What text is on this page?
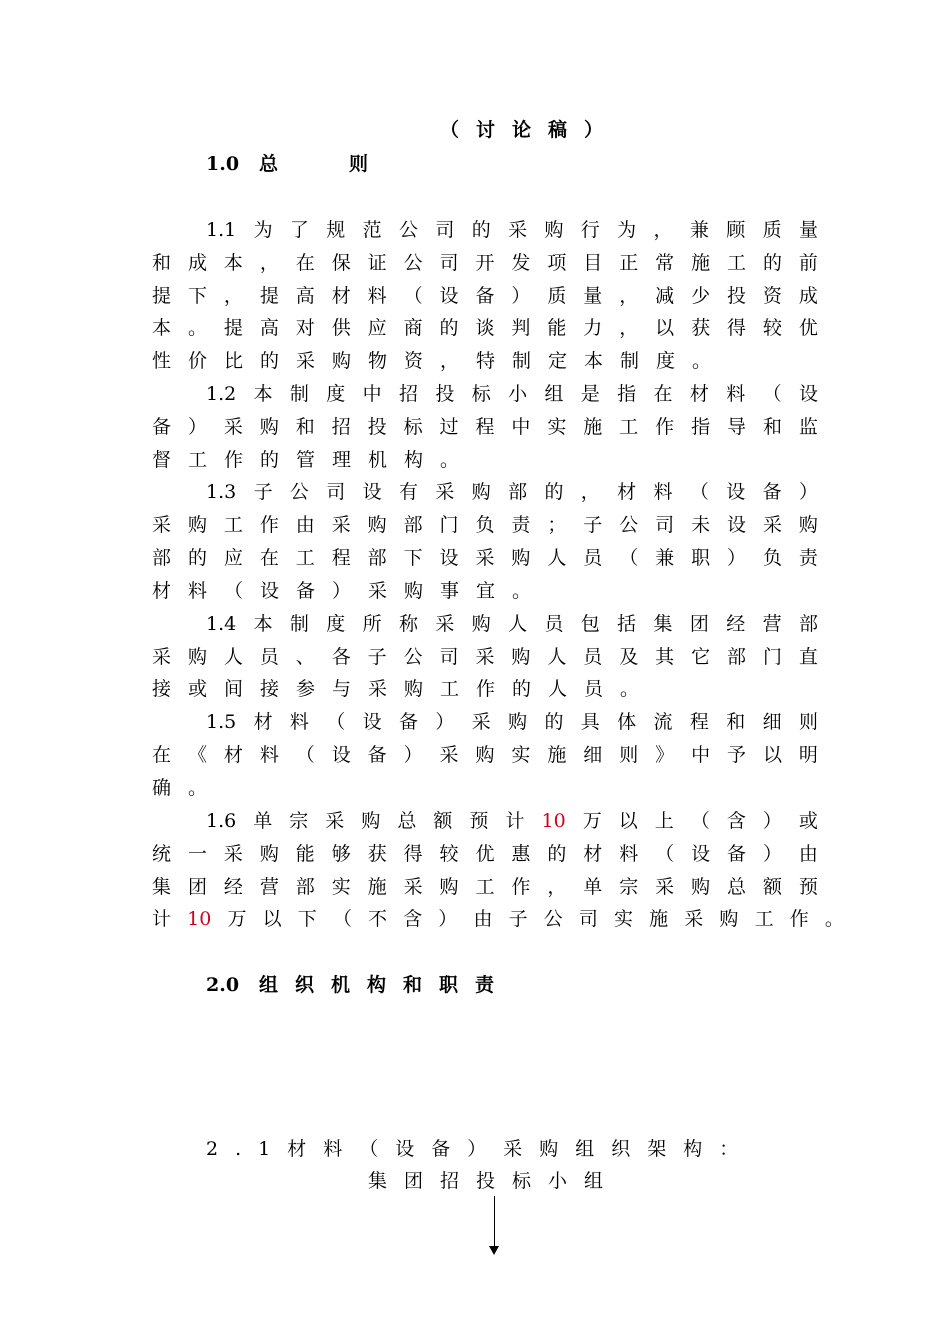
（讨论稿）
1.0 总	则
1.1 为 了 规 范 公 司 的 采 购 行 为 ， 兼 顾 质 量
和 成 本 ， 在 保 证 公 司 开 发 项 目 正 常 施 工 的 前
提 下 ， 提 高 材 料 （ 设 备 ） 质 量 ， 减 少 投 资 成
本 。 提 高 对 供 应 商 的 谈 判 能 力 ， 以 获 得 较 优
性价比的采购物资，特制定本制度。
1.2 本 制 度 中 招 投 标 小 组 是 指 在 材 料 （ 设
备 ） 采 购 和 招 投 标 过 程 中 实 施 工 作 指 导 和 监
督工作的管理机构。
1.3 子 公 司 设 有 采 购 部 的 ， 材 料 （ 设 备 ）
采 购 工 作 由 采 购 部 门 负 责 ； 子 公 司 未 设 采 购
部 的 应 在 工 程 部 下 设 采 购 人 员 （ 兼 职 ） 负 责
材料（设备）采购事宜。
1.4 本 制 度 所 称 采 购 人 员 包 括 集 团 经 营 部
采 购 人 员 、 各 子 公 司 采 购 人 员 及 其 它 部 门 直
接或间接参与采购工作的人员。
1.5 材 料 （ 设 备 ） 采 购 的 具 体 流 程 和 细 则
在 《 材 料 （ 设 备 ） 采 购 实 施 细 则 》 中 予 以 明
确。
1.6 单 宗 采 购 总 额 预 计 10 万 以 上 （ 含 ） 或
统 一 采 购 能 够 获 得 较 优 惠 的 材 料 （ 设 备 ） 由
集 团 经 营 部 实 施 采 购 工 作 ， 单 宗 采 购 总 额 预
计 10 万 以 下 （ 不 含 ） 由 子 公 司 实 施 采 购 工 作 。
2.0 组织机构和职责
2.1材料（设备）采购组织架构：
集团招投标小组
